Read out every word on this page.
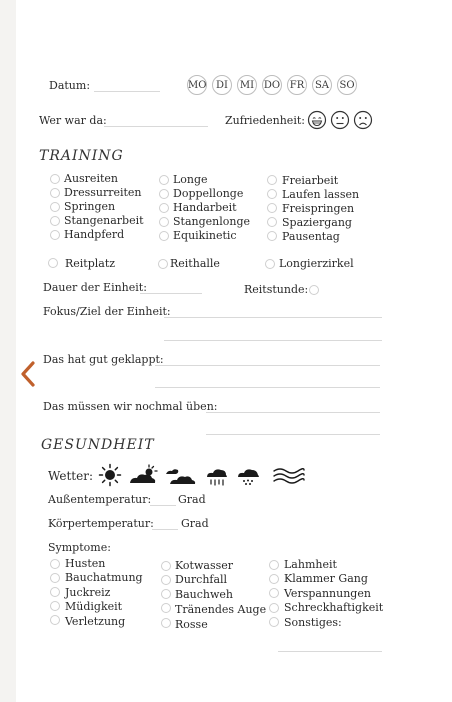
Datum:	MO DI	MI DO FR SA SO
Wer war da:	Zufriedenheit:
TRAINING
Ausreiten
Dressurreiten
Springen
Stangenarbeit
Handpferd
Longe
Doppellonge
Handarbeit
Stangenlonge
Equikinetic
Freiarbeit
Laufen lassen
Freispringen
Spaziergang
Pausentag
Reitplatz	Reithalle	Longierzirkel
Dauer der Einheit:	Reitstunde:
Fokus/Ziel der Einheit:
Das hat gut geklappt:
Das müssen wir nochmal üben:
GESUNDHEIT
Wetter:
Außentemperatur: Grad
Körpertemperatur: Grad
Symptome:
Husten
Bauchatmung
Juckreiz
Müdigkeit
Verletzung
Kotwasser
Durchfall
Bauchweh
Tränendes Auge
Rosse
Lahmheit
Klammer Gang
Verspannungen
Schreckhaftigkeit
Sonstiges:
